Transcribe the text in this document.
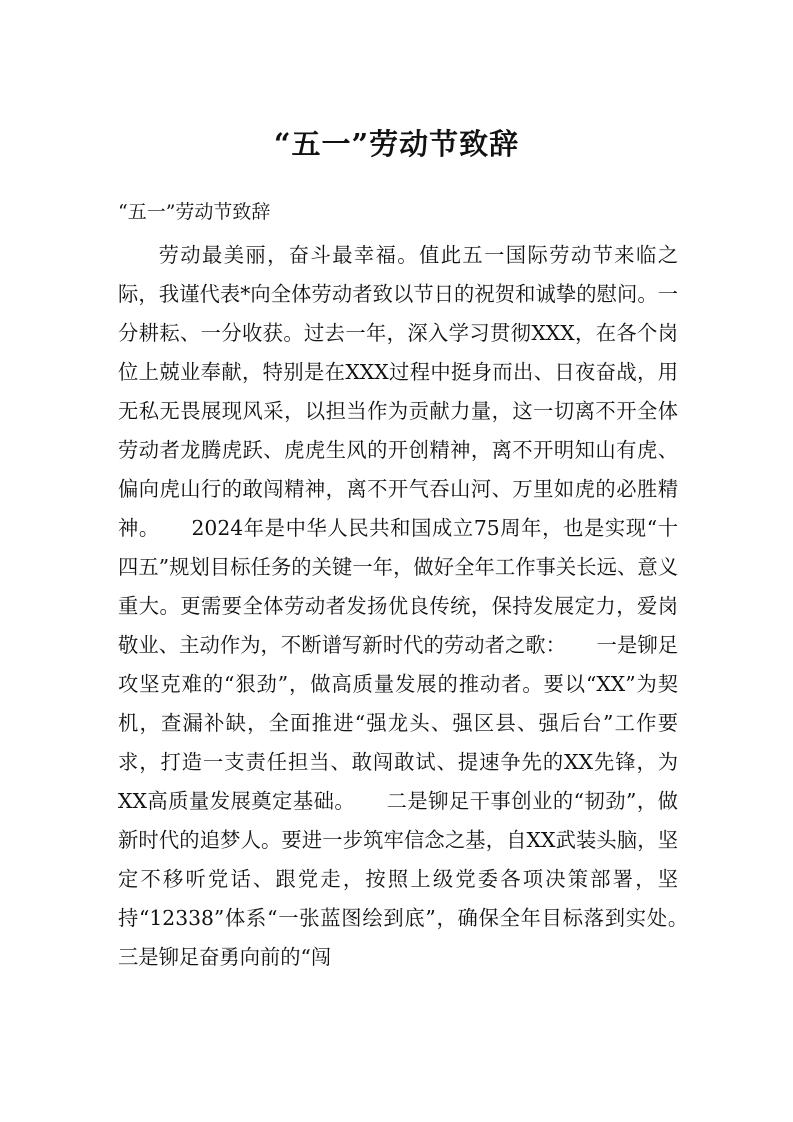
“五一”劳动节致辞
“五一”劳动节致辞

劳动最美丽，奋斗最幸福。值此五一国际劳动节来临之际，我谨代表*向全体劳动者致以节日的祝贺和诚挚的慰问。一分耕耘、一分收获。过去一年，深入学习贯彻XXX，在各个岗位上兢业奉献，特别是在XXX过程中挺身而出、日夜奋战，用无私无畏展现风采，以担当作为贡献力量，这一切离不开全体劳动者龙腾虎跃、虎虎生风的开创精神，离不开明知山有虎、偏向虎山行的敢闯精神，离不开气吞山河、万里如虎的必胜精神。　　2024年是中华人民共和国成立75周年，也是实现“十四五”规划目标任务的关键一年，做好全年工作事关长远、意义重大。更需要全体劳动者发扬优良传统，保持发展定力，爱岗敬业、主动作为，不断谱写新时代的劳动者之歌：　　一是铆足攻坚克难的“狠劲”，做高质量发展的推动者。要以“XX”为契机，查漏补缺，全面推进“强龙头、强区县、强后台”工作要求，打造一支责任担当、敢闯敢试、提速争先的XX先锋，为XX高质量发展奠定基础。　　二是铆足干事创业的“韧劲”，做新时代的追梦人。要进一步筑牢信念之基，自XX武装头脑，坚定不移听党话、跟党走，按照上级党委各项决策部署，坚持“12338”体系“一张蓝图绘到底”，确保全年目标落到实处。　　三是铆足奋勇向前的“闯
